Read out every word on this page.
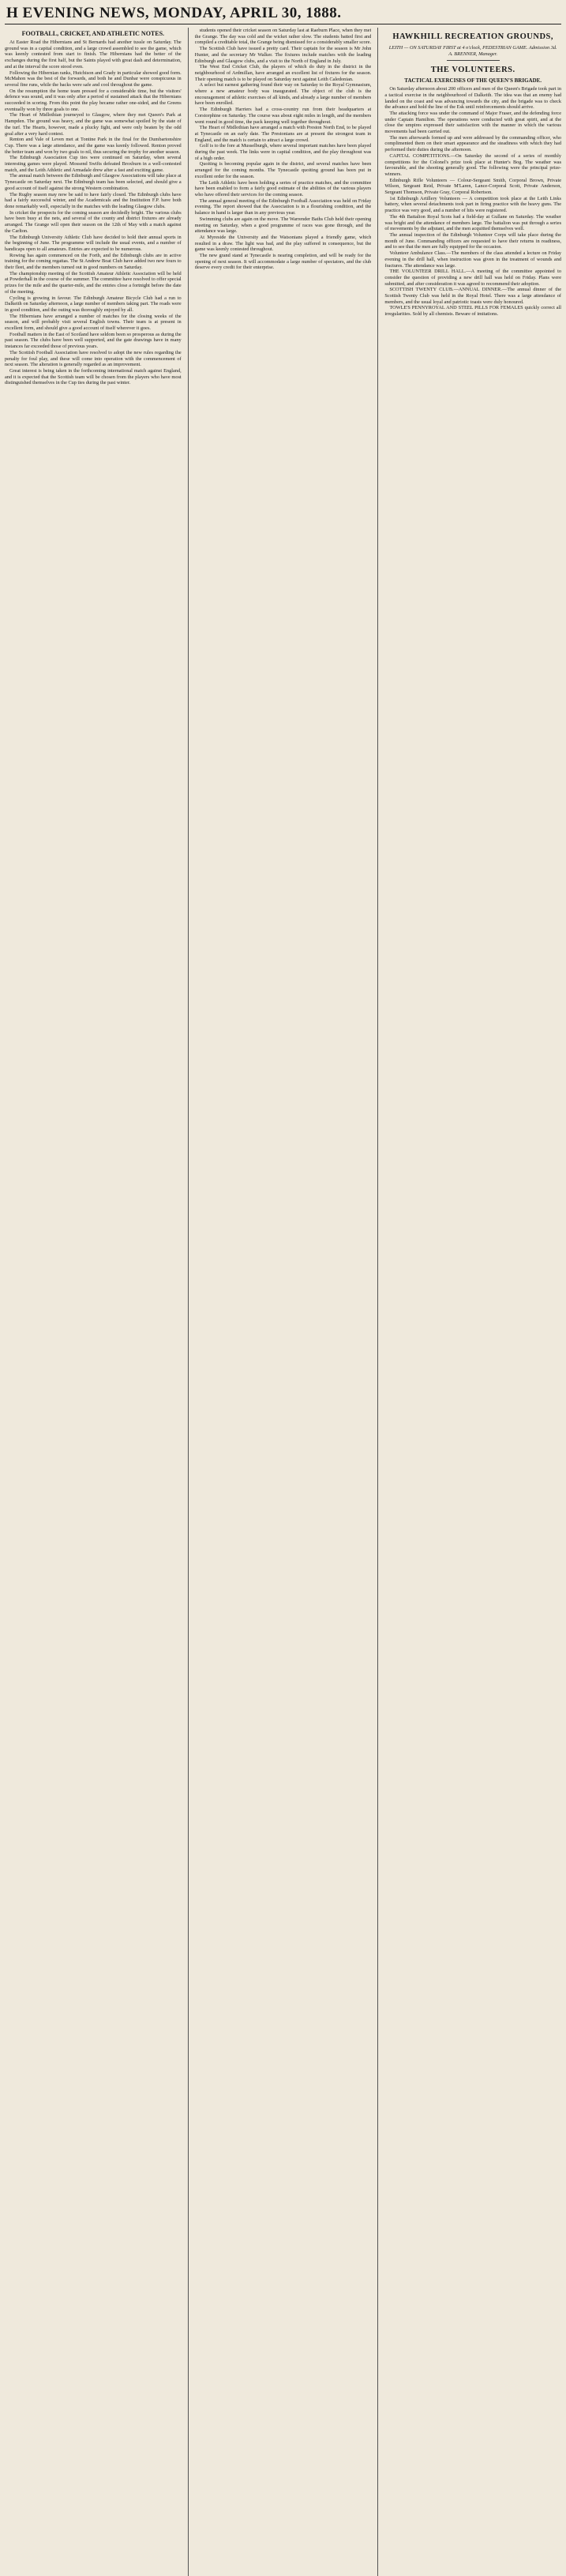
H EVENING NEWS, MONDAY, APRIL 30, 1888.
FOOTBALL, CRICKET, AND ATHLETIC NOTES.

At Easter Road the Hibernians and St Bernards had another tussle on Saturday. The ground was in a capital condition, and a large crowd assembled to see the game, which was keenly contested from start to finish. The Hibernians had the better of the exchanges during the first half, but the Saints played with great dash and determination, and at the interval the score stood even.

Following the Hibernian ranks, Hutchison and Grady in particular showed good form. McMahon was the best of the forwards, and both he and Dunbar were conspicuous in several fine runs, while the backs were safe and cool throughout the game.

On the resumption the home team pressed for a considerable time, but the visitors' defence was sound, and it was only after a period of sustained attack that the Hibernians succeeded in scoring. From this point the play became rather one-sided, and the Greens eventually won by three goals to one.

The Heart of Midlothian journeyed to Glasgow, where they met Queen's Park at Hampden. The ground was heavy, and the game was somewhat spoiled by the state of the turf. The Hearts, however, made a plucky fight, and were only beaten by the odd goal after a very hard contest.

Renton and Vale of Leven met at Tontine Park in the final for the Dumbartonshire Cup. There was a large attendance, and the game was keenly followed. Renton proved the better team and won by two goals to nil, thus securing the trophy for another season.

The Edinburgh Association Cup ties were continued on Saturday, when several interesting games were played. Mossend Swifts defeated Broxburn in a well-contested match, and the Leith Athletic and Armadale drew after a fast and exciting game.

The annual match between the Edinburgh and Glasgow Associations will take place at Tynecastle on Saturday next. The Edinburgh team has been selected, and should give a good account of itself against the strong Western combination.

The Rugby season may now be said to have fairly closed. The Edinburgh clubs have had a fairly successful winter, and the Academicals and the Institution F.P. have both done remarkably well, especially in the matches with the leading Glasgow clubs.

In cricket the prospects for the coming season are decidedly bright. The various clubs have been busy at the nets, and several of the county and district fixtures are already arranged. The Grange will open their season on the 12th of May with a match against the Carlton.

The Edinburgh University Athletic Club have decided to hold their annual sports in the beginning of June. The programme will include the usual events, and a number of handicaps open to all amateurs. Entries are expected to be numerous.

Rowing has again commenced on the Forth, and the Edinburgh clubs are in active training for the coming regattas. The St Andrew Boat Club have added two new fours to their fleet, and the members turned out in good numbers on Saturday.

The championship meeting of the Scottish Amateur Athletic Association will be held at Powderhall in the course of the summer. The committee have resolved to offer special prizes for the mile and the quarter-mile, and the entries close a fortnight before the date of the meeting.

Cycling is growing in favour. The Edinburgh Amateur Bicycle Club had a run to Dalkeith on Saturday afternoon, a large number of members taking part. The roads were in good condition, and the outing was thoroughly enjoyed by all.

The Hibernians have arranged a number of matches for the closing weeks of the season, and will probably visit several English towns. Their team is at present in excellent form, and should give a good account of itself wherever it goes.

Football matters in the East of Scotland have seldom been so prosperous as during the past season. The clubs have been well supported, and the gate drawings have in many instances far exceeded those of previous years.

The Scottish Football Association have resolved to adopt the new rules regarding the penalty for foul play, and these will come into operation with the commencement of next season. The alteration is generally regarded as an improvement.

Great interest is being taken in the forthcoming international match against England, and it is expected that the Scottish team will be chosen from the players who have most distinguished themselves in the Cup ties during the past winter.

students opened their cricket season on Saturday last at Raeburn Place, when they met the Grange. The day was cold and the wicket rather slow. The students batted first and compiled a creditable total, the Grange being dismissed for a considerably smaller score.

The Scottish Club have issued a pretty card. Their captain for the season is Mr John Hunter, and the secretary Mr Walker. The fixtures include matches with the leading Edinburgh and Glasgow clubs, and a visit to the North of England in July.

The West End Cricket Club, the players of which do duty in the district in the neighbourhood of Ardmillan, have arranged an excellent list of fixtures for the season. Their opening match is to be played on Saturday next against Leith Caledonian.

A select but earnest gathering found their way on Saturday to the Royal Gymnasium, where a new amateur body was inaugurated. The object of the club is the encouragement of athletic exercises of all kinds, and already a large number of members have been enrolled.

The Edinburgh Harriers had a cross-country run from their headquarters at Corstorphine on Saturday. The course was about eight miles in length, and the members went round in good time, the pack keeping well together throughout.

The Heart of Midlothian have arranged a match with Preston North End, to be played at Tynecastle on an early date. The Prestonians are at present the strongest team in England, and the match is certain to attract a large crowd.

Golf is to the fore at Musselburgh, where several important matches have been played during the past week. The links were in capital condition, and the play throughout was of a high order.

Quoiting is becoming popular again in the district, and several matches have been arranged for the coming months. The Tynecastle quoiting ground has been put in excellent order for the season.

The Leith Athletic have been holding a series of practice matches, and the committee have been enabled to form a fairly good estimate of the abilities of the various players who have offered their services for the coming season.

The annual general meeting of the Edinburgh Football Association was held on Friday evening. The report showed that the Association is in a flourishing condition, and the balance in hand is larger than in any previous year.

Swimming clubs are again on the move. The Warrender Baths Club held their opening meeting on Saturday, when a good programme of races was gone through, and the attendance was large.

At Myreside the University and the Watsonians played a friendly game, which resulted in a draw. The light was bad, and the play suffered in consequence, but the game was keenly contested throughout.

The new grand stand at Tynecastle is nearing completion, and will be ready for the opening of next season. It will accommodate a large number of spectators, and the club deserve every credit for their enterprise.

HAWKHILL RECREATION GROUNDS,

LEITH — ON SATURDAY FIRST at 4 o'clock, PEDESTRIAN GAME. Admission 3d.

A. BRENNER, Manager.

THE VOLUNTEERS.
TACTICAL EXERCISES OF THE QUEEN'S BRIGADE.

On Saturday afternoon about 200 officers and men of the Queen's Brigade took part in a tactical exercise in the neighbourhood of Dalkeith. The idea was that an enemy had landed on the coast and was advancing towards the city, and the brigade was to check the advance and hold the line of the Esk until reinforcements should arrive.

The attacking force was under the command of Major Fraser, and the defending force under Captain Hamilton. The operations were conducted with great spirit, and at the close the umpires expressed their satisfaction with the manner in which the various movements had been carried out.

The men afterwards formed up and were addressed by the commanding officer, who complimented them on their smart appearance and the steadiness with which they had performed their duties during the afternoon.

CAPITAL COMPETITIONS.—On Saturday the second of a series of monthly competitions for the Colonel's prize took place at Hunter's Bog. The weather was favourable, and the shooting generally good. The following were the principal prize-winners.

Edinburgh Rifle Volunteers — Colour-Sergeant Smith, Corporal Brown, Private Wilson, Sergeant Reid, Private M'Laren, Lance-Corporal Scott, Private Anderson, Sergeant Thomson, Private Gray, Corporal Robertson.

1st Edinburgh Artillery Volunteers — A competition took place at the Leith Links battery, when several detachments took part in firing practice with the heavy guns. The practice was very good, and a number of hits were registered.

The 4th Battalion Royal Scots had a field-day at Gullane on Saturday. The weather was bright and the attendance of members large. The battalion was put through a series of movements by the adjutant, and the men acquitted themselves well.

The annual inspection of the Edinburgh Volunteer Corps will take place during the month of June. Commanding officers are requested to have their returns in readiness, and to see that the men are fully equipped for the occasion.

Volunteer Ambulance Class.—The members of the class attended a lecture on Friday evening in the drill hall, when instruction was given in the treatment of wounds and fractures. The attendance was large.

THE VOLUNTEER DRILL HALL.—A meeting of the committee appointed to consider the question of providing a new drill hall was held on Friday. Plans were submitted, and after consideration it was agreed to recommend their adoption.

SCOTTISH TWENTY CLUB.—ANNUAL DINNER.—The annual dinner of the Scottish Twenty Club was held in the Royal Hotel. There was a large attendance of members, and the usual loyal and patriotic toasts were duly honoured.

TOWLE'S PENNYROYAL AND STEEL PILLS FOR FEMALES quickly correct all irregularities. Sold by all chemists. Beware of imitations.
